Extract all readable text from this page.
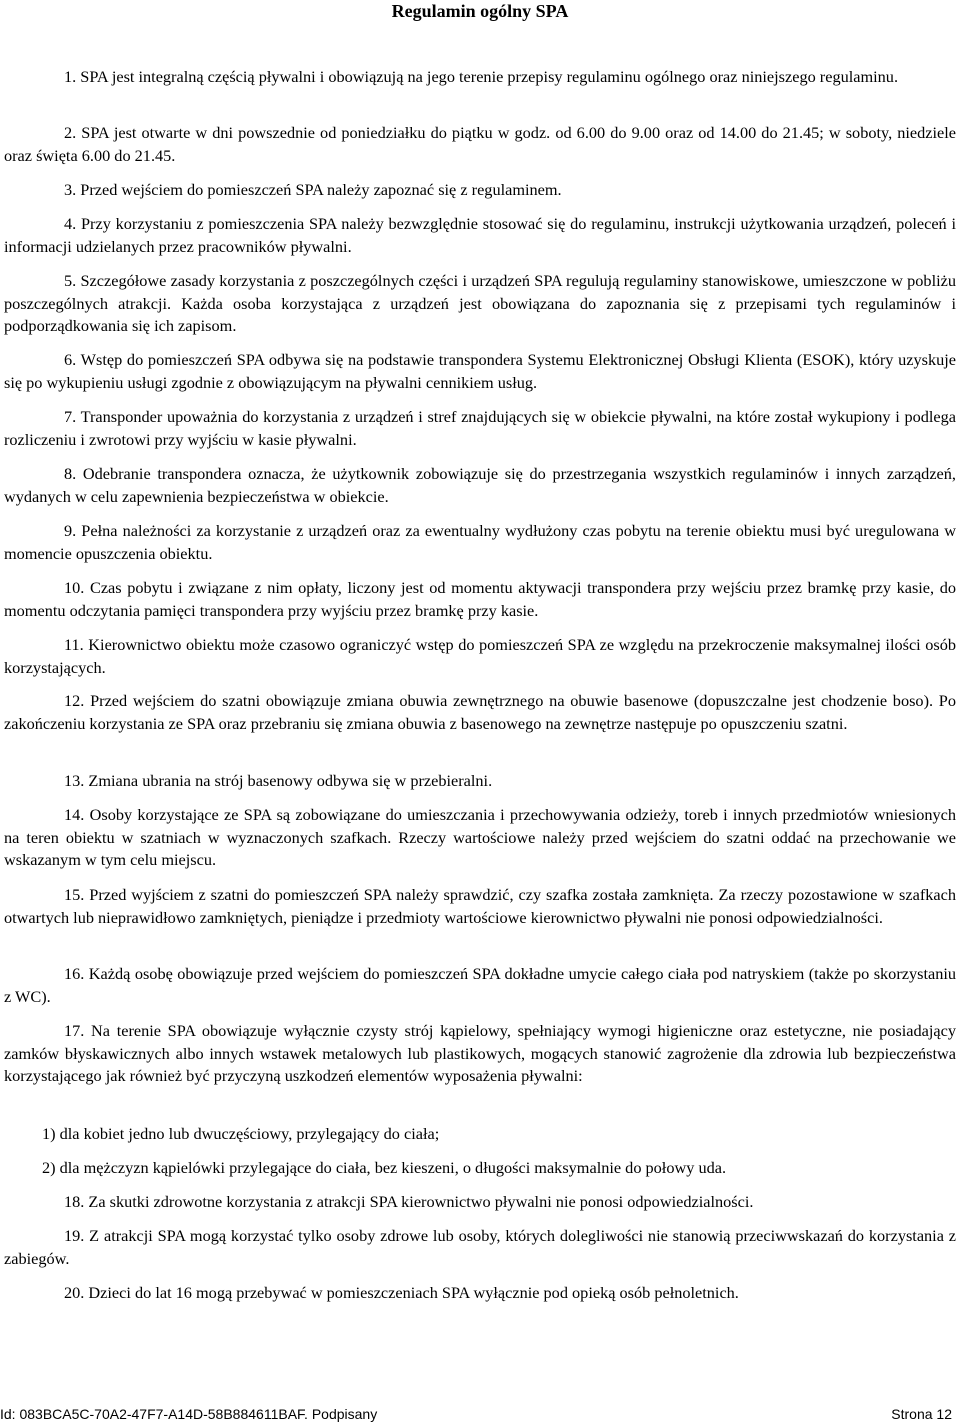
Regulamin ogólny SPA
1. SPA jest integralną częścią pływalni i obowiązują na jego terenie przepisy regulaminu ogólnego oraz niniejszego regulaminu.
2. SPA jest otwarte w dni powszednie od poniedziałku do piątku w godz. od 6.00 do 9.00 oraz od 14.00 do 21.45; w soboty, niedziele oraz święta 6.00 do 21.45.
3. Przed wejściem do pomieszczeń SPA należy zapoznać się z regulaminem.
4. Przy korzystaniu z pomieszczenia SPA należy bezwzględnie stosować się do regulaminu, instrukcji użytkowania urządzeń, poleceń i informacji udzielanych przez pracowników pływalni.
5. Szczegółowe zasady korzystania z poszczególnych części i urządzeń SPA regulują regulaminy stanowiskowe, umieszczone w pobliżu poszczególnych atrakcji. Każda osoba korzystająca z urządzeń jest obowiązana do zapoznania się z przepisami tych regulaminów i podporządkowania się ich zapisom.
6. Wstęp do pomieszczeń SPA odbywa się na podstawie transpondera Systemu Elektronicznej Obsługi Klienta (ESOK), który uzyskuje się po wykupieniu usługi zgodnie z obowiązującym na pływalni cennikiem usług.
7. Transponder upoważnia do korzystania z urządzeń i stref znajdujących się w obiekcie pływalni, na które został wykupiony i podlega rozliczeniu i zwrotowi przy wyjściu w kasie pływalni.
8. Odebranie transpondera oznacza, że użytkownik zobowiązuje się do przestrzegania wszystkich regulaminów i innych zarządzeń, wydanych w celu zapewnienia bezpieczeństwa w obiekcie.
9. Pełna należności za korzystanie z urządzeń oraz za ewentualny wydłużony czas pobytu na terenie obiektu musi być uregulowana w momencie opuszczenia obiektu.
10. Czas pobytu i związane z nim opłaty, liczony jest od momentu aktywacji transpondera przy wejściu przez bramkę przy kasie, do momentu odczytania pamięci transpondera przy wyjściu przez bramkę przy kasie.
11. Kierownictwo obiektu może czasowo ograniczyć wstęp do pomieszczeń SPA ze względu na przekroczenie maksymalnej ilości osób korzystających.
12. Przed wejściem do szatni obowiązuje zmiana obuwia zewnętrznego na obuwie basenowe (dopuszczalne jest chodzenie boso). Po zakończeniu korzystania ze SPA oraz przebraniu się zmiana obuwia z basenowego na zewnętrze następuje po opuszczeniu szatni.
13. Zmiana ubrania na strój basenowy odbywa się w przebieralni.
14. Osoby korzystające ze SPA są zobowiązane do umieszczania i przechowywania odzieży, toreb i innych przedmiotów wniesionych na teren obiektu w szatniach w wyznaczonych szafkach. Rzeczy wartościowe należy przed wejściem do szatni oddać na przechowanie we wskazanym w tym celu miejscu.
15. Przed wyjściem z szatni do pomieszczeń SPA należy sprawdzić, czy szafka została zamknięta. Za rzeczy pozostawione w szafkach otwartych lub nieprawidłowo zamkniętych, pieniądze i przedmioty wartościowe kierownictwo pływalni nie ponosi odpowiedzialności.
16. Każdą osobę obowiązuje przed wejściem do pomieszczeń SPA dokładne umycie całego ciała pod natryskiem (także po skorzystaniu z WC).
17. Na terenie SPA obowiązuje wyłącznie czysty strój kąpielowy, spełniający wymogi higieniczne oraz estetyczne, nie posiadający zamków błyskawicznych albo innych wstawek metalowych lub plastikowych, mogących stanowić zagrożenie dla zdrowia lub bezpieczeństwa korzystającego jak również być przyczyną uszkodzeń elementów wyposażenia pływalni:
1) dla kobiet jedno lub dwuczęściowy, przylegający do ciała;
2) dla mężczyzn kąpielówki przylegające do ciała, bez kieszeni, o długości maksymalnie do połowy uda.
18. Za skutki zdrowotne korzystania z atrakcji SPA kierownictwo pływalni nie ponosi odpowiedzialności.
19. Z atrakcji SPA mogą korzystać tylko osoby zdrowe lub osoby, których dolegliwości nie stanowią przeciwwskazań do korzystania z zabiegów.
20. Dzieci do lat 16 mogą przebywać w pomieszczeniach SPA wyłącznie pod opieką osób pełnoletnich.
Id: 083BCA5C-70A2-47F7-A14D-58B884611BAF. Podpisany	Strona 12
